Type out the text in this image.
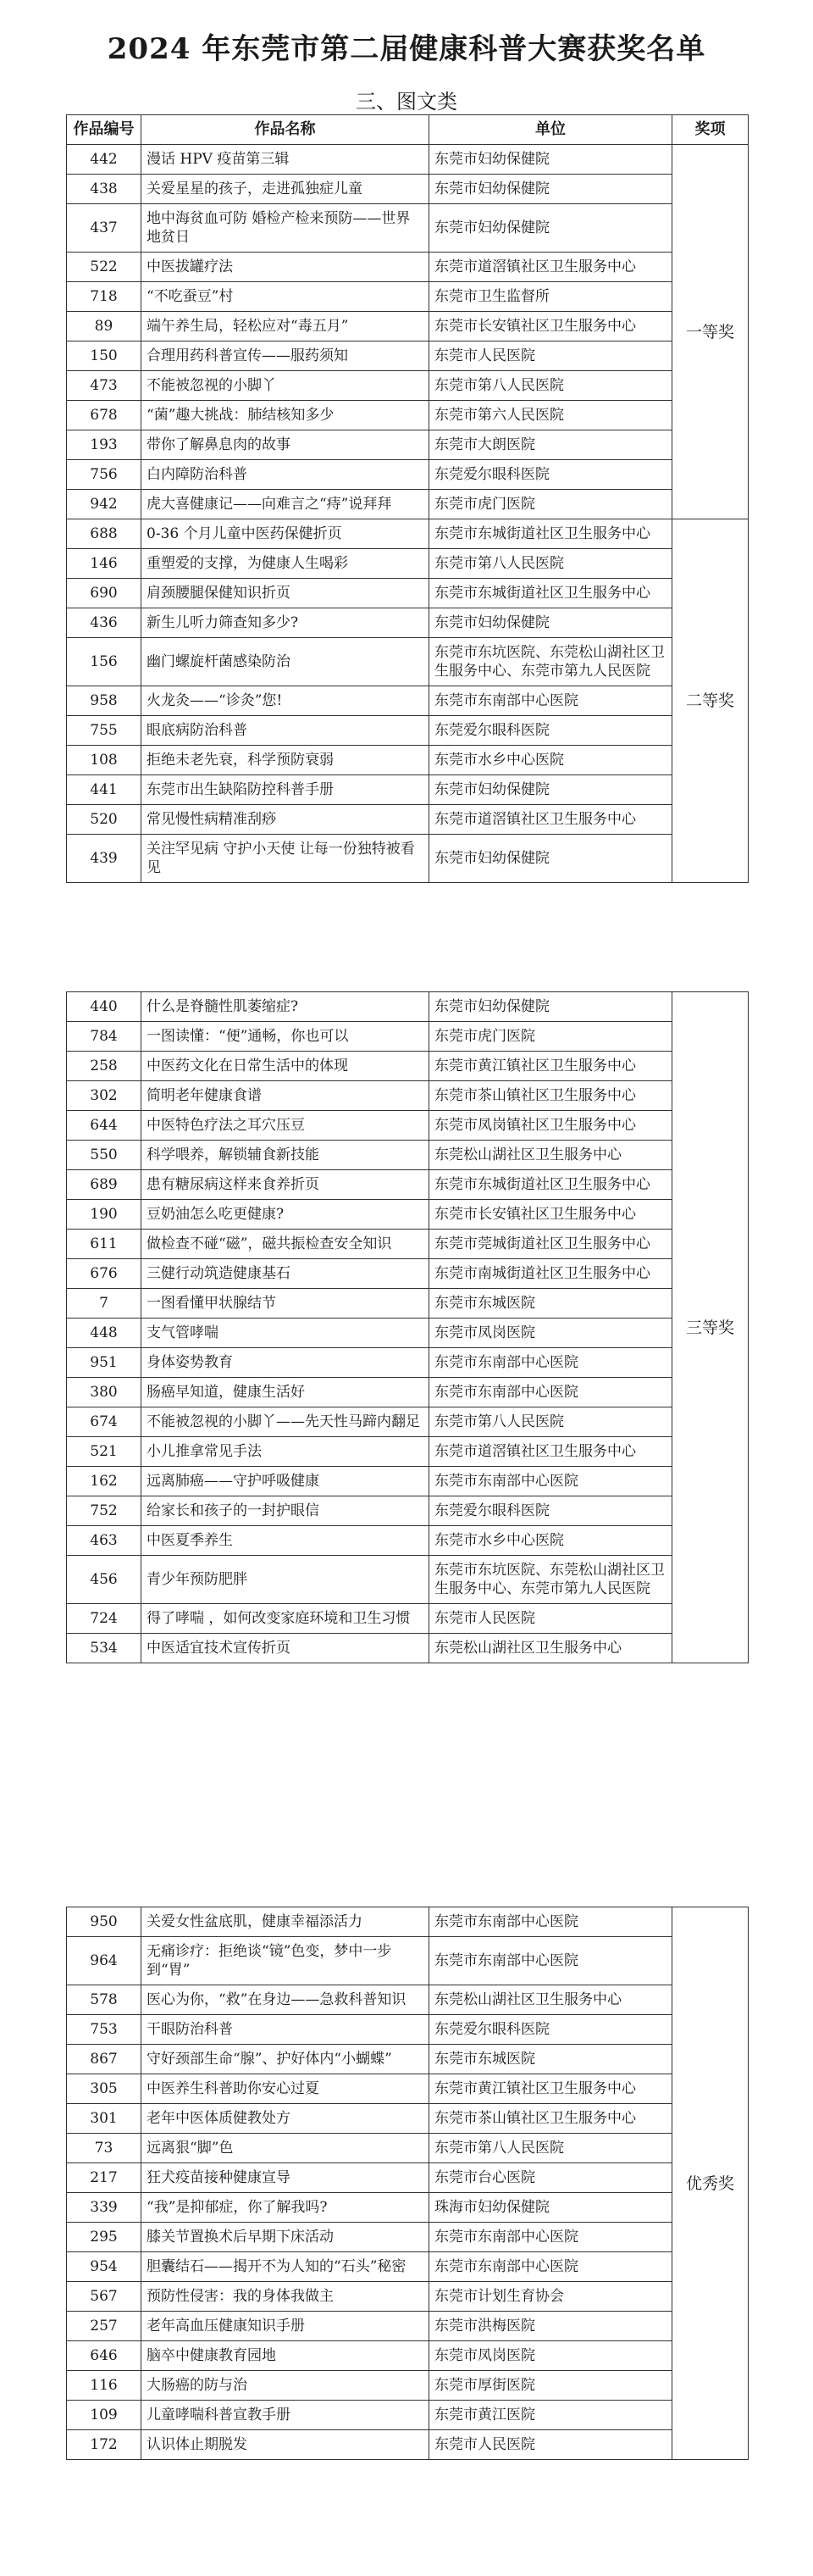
2024 年东莞市第二届健康科普大赛获奖名单
三、图文类
作品编号	作品名称	单位	奖项
442	漫话 HPV 疫苗第三辑	东莞市妇幼保健院	一等奖
438	关爱星星的孩子，走进孤独症儿童	东莞市妇幼保健院	
437	地中海贫血可防 婚检产检来预防——世界地贫日	东莞市妇幼保健院	
522	中医拔罐疗法	东莞市道滘镇社区卫生服务中心	
718	“不吃蚕豆”村	东莞市卫生监督所	
89	端午养生局，轻松应对“毒五月”	东莞市长安镇社区卫生服务中心	
150	合理用药科普宣传——服药须知	东莞市人民医院	
473	不能被忽视的小脚丫	东莞市第八人民医院	
678	“菌”趣大挑战：肺结核知多少	东莞市第六人民医院	
193	带你了解鼻息肉的故事	东莞市大朗医院	
756	白内障防治科普	东莞爱尔眼科医院	
942	虎大喜健康记——向难言之“痔”说拜拜	东莞市虎门医院	
688	0-36 个月儿童中医药保健折页	东莞市东城街道社区卫生服务中心	二等奖
146	重塑爱的支撑，为健康人生喝彩	东莞市第八人民医院	
690	肩颈腰腿保健知识折页	东莞市东城街道社区卫生服务中心	
436	新生儿听力筛查知多少?	东莞市妇幼保健院	
156	幽门螺旋杆菌感染防治	东莞市东坑医院、东莞松山湖社区卫生服务中心、东莞市第九人民医院	
958	火龙灸——“诊灸”您!	东莞市东南部中心医院	
755	眼底病防治科普	东莞爱尔眼科医院	
108	拒绝未老先衰，科学预防衰弱	东莞市水乡中心医院	
441	东莞市出生缺陷防控科普手册	东莞市妇幼保健院	
520	常见慢性病精准刮痧	东莞市道滘镇社区卫生服务中心	
439	关注罕见病 守护小天使 让每一份独特被看见	东莞市妇幼保健院	
440	什么是脊髓性肌萎缩症?	东莞市妇幼保健院	三等奖
784	一图读懂：“便”通畅，你也可以	东莞市虎门医院	
258	中医药文化在日常生活中的体现	东莞市黄江镇社区卫生服务中心	
302	简明老年健康食谱	东莞市茶山镇社区卫生服务中心	
644	中医特色疗法之耳穴压豆	东莞市凤岗镇社区卫生服务中心	
550	科学喂养，解锁辅食新技能	东莞松山湖社区卫生服务中心	
689	患有糖尿病这样来食养折页	东莞市东城街道社区卫生服务中心	
190	豆奶油怎么吃更健康?	东莞市长安镇社区卫生服务中心	
611	做检查不碰“磁”，磁共振检查安全知识	东莞市莞城街道社区卫生服务中心	
676	三健行动筑造健康基石	东莞市南城街道社区卫生服务中心	
7	一图看懂甲状腺结节	东莞市东城医院	
448	支气管哮喘	东莞市凤岗医院	
951	身体姿势教育	东莞市东南部中心医院	
380	肠癌早知道，健康生活好	东莞市东南部中心医院	
674	不能被忽视的小脚丫——先天性马蹄内翻足	东莞市第八人民医院	
521	小儿推拿常见手法	东莞市道滘镇社区卫生服务中心	
162	远离肺癌——守护呼吸健康	东莞市东南部中心医院	
752	给家长和孩子的一封护眼信	东莞爱尔眼科医院	
463	中医夏季养生	东莞市水乡中心医院	
456	青少年预防肥胖	东莞市东坑医院、东莞松山湖社区卫生服务中心、东莞市第九人民医院	
724	得了哮喘 ，如何改变家庭环境和卫生习惯	东莞市人民医院	
534	中医适宜技术宣传折页	东莞松山湖社区卫生服务中心	
950	关爱女性盆底肌，健康幸福添活力	东莞市东南部中心医院	优秀奖
964	无痛诊疗：拒绝谈“镜”色变，梦中一步到“胃”	东莞市东南部中心医院	
578	医心为你，“救”在身边——急救科普知识	东莞松山湖社区卫生服务中心	
753	干眼防治科普	东莞爱尔眼科医院	
867	守好颈部生命“腺”、护好体内“小蝴蝶”	东莞市东城医院	
305	中医养生科普助你安心过夏	东莞市黄江镇社区卫生服务中心	
301	老年中医体质健教处方	东莞市茶山镇社区卫生服务中心	
73	远离狠“脚”色	东莞市第八人民医院	
217	狂犬疫苗接种健康宣导	东莞市台心医院	
339	“我”是抑郁症，你了解我吗?	珠海市妇幼保健院	
295	膝关节置换术后早期下床活动	东莞市东南部中心医院	
954	胆囊结石——揭开不为人知的“石头”秘密	东莞市东南部中心医院	
567	预防性侵害：我的身体我做主	东莞市计划生育协会	
257	老年高血压健康知识手册	东莞市洪梅医院	
646	脑卒中健康教育园地	东莞市凤岗医院	
116	大肠癌的防与治	东莞市厚街医院	
109	儿童哮喘科普宣教手册	东莞市黄江医院	
172	认识体止期脱发	东莞市人民医院	
